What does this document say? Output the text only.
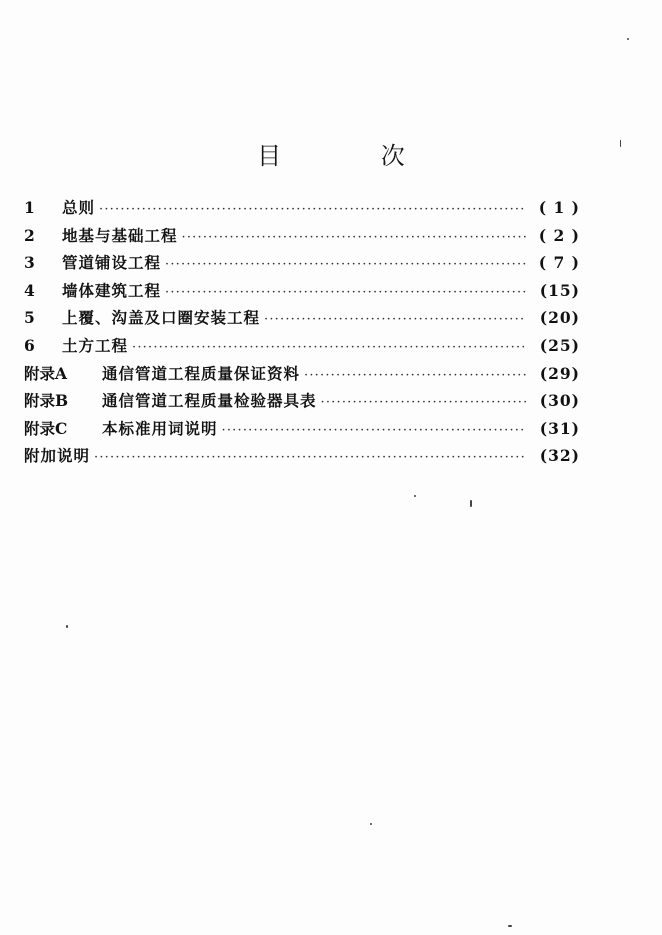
目 次
1	总则 ·····	( 1 )
2	地基与基础工程 ·····	( 2 )
3	管道铺设工程 ·····	( 7 )
4	墙体建筑工程 ·····	(15)
5	上覆、沟盖及口圈安装工程 ·····	(20)
6	土方工程 ·····	(25)
附录A	通信管道工程质量保证资料 ·····	(29)
附录B	通信管道工程质量检验器具表 ·····	(30)
附录C	本标准用词说明 ·····	(31)
附加说明 ·····	(32)
